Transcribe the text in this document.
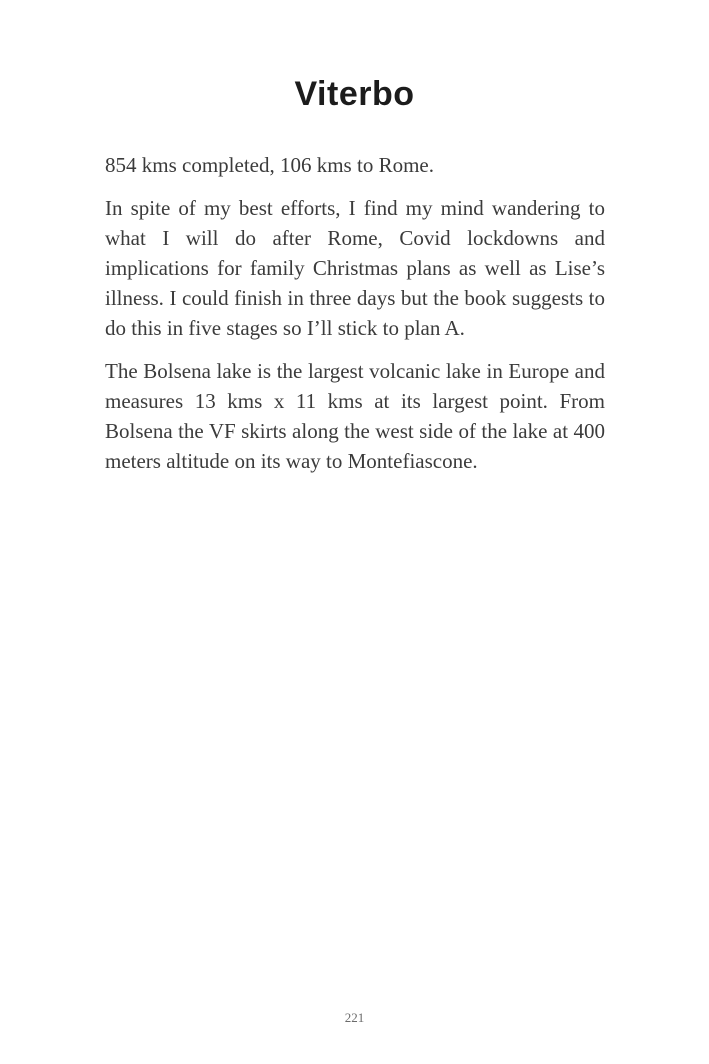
Viterbo

854 kms completed, 106 kms to Rome.

In spite of my best efforts, I find my mind wandering to what I will do after Rome, Covid lockdowns and implications for family Christmas plans as well as Lise’s illness. I could finish in three days but the book suggests to do this in five stages so I’ll stick to plan A.

The Bolsena lake is the largest volcanic lake in Europe and measures 13 kms x 11 kms at its largest point. From Bolsena the VF skirts along the west side of the lake at 400 meters altitude on its way to Montefiascone.

221
